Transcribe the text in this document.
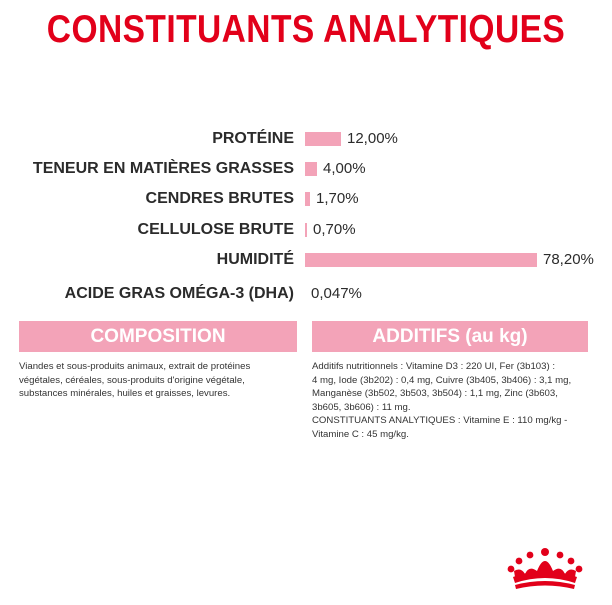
CONSTITUANTS ANALYTIQUES
PROTÉINE	12,00%
TENEUR EN MATIÈRES GRASSES 4,00%
CENDRES BRUTES 1,70%
CELLULOSE BRUTE 0,70%
HUMIDITÉ	78,20%
ACIDE GRAS OMÉGA-3 (DHA) 0,047%
COMPOSITION
Viandes et sous-produits animaux, extrait de protéines
végétales, céréales, sous-produits d'origine végétale,
substances minérales, huiles et graisses, levures.
ADDITIFS (au kg)
Additifs nutritionnels : Vitamine D3 : 220 UI, Fer (3b103) :
4 mg, Iode (3b202) : 0,4 mg, Cuivre (3b405, 3b406) : 3,1 mg,
Manganèse (3b502, 3b503, 3b504) : 1,1 mg, Zinc (3b603,
3b605, 3b606) : 11 mg.
CONSTITUANTS ANALYTIQUES : Vitamine E : 110 mg/kg -
Vitamine C : 45 mg/kg.
